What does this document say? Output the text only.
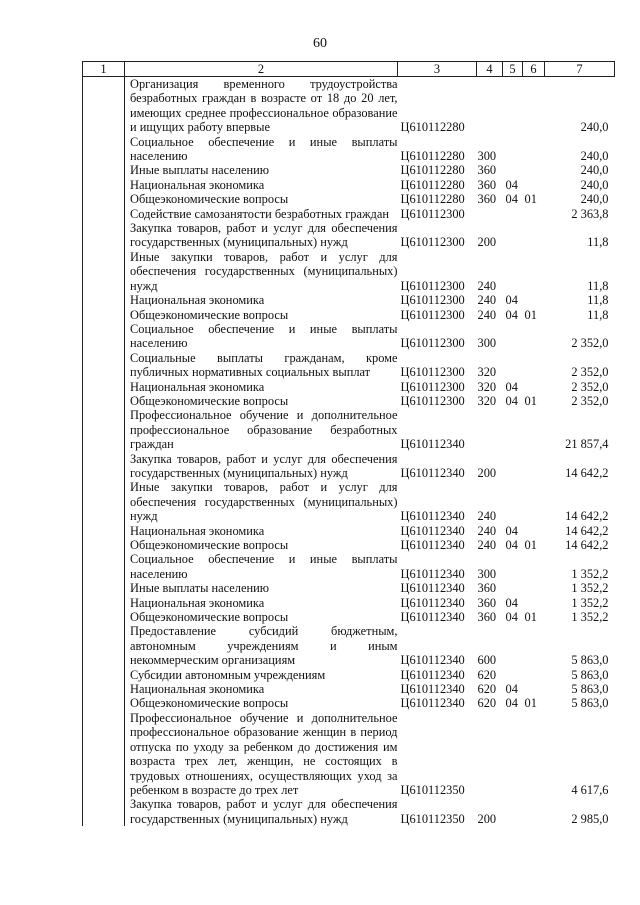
60
1	2	3	4	5	6	7
	Организация временного трудоустройства безработных граждан в возрасте от 18 до 20 лет, имеющих среднее профессиональное образование и ищущих работу впервые	Ц610112280				240,0
	Социальное обеспечение и иные выплаты населению	Ц610112280	300			240,0
	Иные выплаты населению	Ц610112280	360			240,0
	Национальная экономика	Ц610112280	360	04		240,0
	Общеэкономические вопросы	Ц610112280	360	04	01	240,0
	Содействие самозанятости безработных граждан	Ц610112300				2 363,8
	Закупка товаров, работ и услуг для обеспечения государственных (муниципальных) нужд	Ц610112300	200			11,8
	Иные закупки товаров, работ и услуг для обеспечения государственных (муниципальных) нужд	Ц610112300	240			11,8
	Национальная экономика	Ц610112300	240	04		11,8
	Общеэкономические вопросы	Ц610112300	240	04	01	11,8
	Социальное обеспечение и иные выплаты населению	Ц610112300	300			2 352,0
	Социальные выплаты гражданам, кроме публичных нормативных социальных выплат	Ц610112300	320			2 352,0
	Национальная экономика	Ц610112300	320	04		2 352,0
	Общеэкономические вопросы	Ц610112300	320	04	01	2 352,0
	Профессиональное обучение и дополнительное профессиональное образование безработных граждан	Ц610112340				21 857,4
	Закупка товаров, работ и услуг для обеспечения государственных (муниципальных) нужд	Ц610112340	200			14 642,2
	Иные закупки товаров, работ и услуг для обеспечения государственных (муниципальных) нужд	Ц610112340	240			14 642,2
	Национальная экономика	Ц610112340	240	04		14 642,2
	Общеэкономические вопросы	Ц610112340	240	04	01	14 642,2
	Социальное обеспечение и иные выплаты населению	Ц610112340	300			1 352,2
	Иные выплаты населению	Ц610112340	360			1 352,2
	Национальная экономика	Ц610112340	360	04		1 352,2
	Общеэкономические вопросы	Ц610112340	360	04	01	1 352,2
	Предоставление субсидий бюджетным, автономным учреждениям и иным некоммерческим организациям	Ц610112340	600			5 863,0
	Субсидии автономным учреждениям	Ц610112340	620			5 863,0
	Национальная экономика	Ц610112340	620	04		5 863,0
	Общеэкономические вопросы	Ц610112340	620	04	01	5 863,0
	Профессиональное обучение и дополнительное профессиональное образование женщин в период отпуска по уходу за ребенком до достижения им возраста трех лет, женщин, не состоящих в трудовых отношениях, осуществляющих уход за ребенком в возрасте до трех лет	Ц610112350				4 617,6
	Закупка товаров, работ и услуг для обеспечения государственных (муниципальных) нужд	Ц610112350	200			2 985,0
